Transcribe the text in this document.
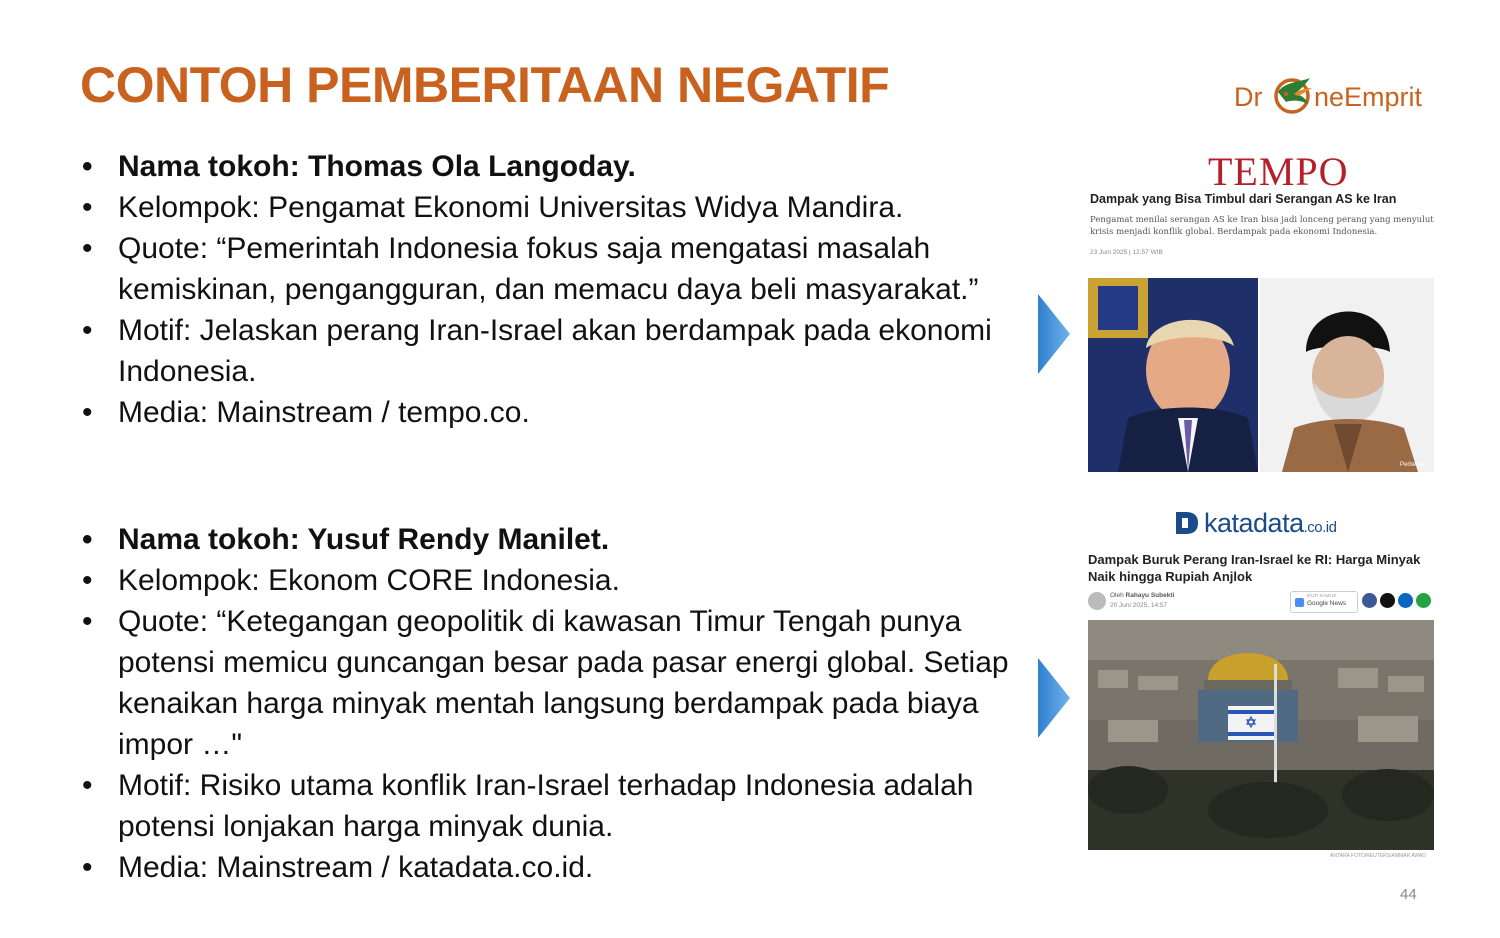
CONTOH PEMBERITAAN NEGATIF	Dr neEmprit
• Nama tokoh: Thomas Ola Langoday.
• Kelompok: Pengamat Ekonomi Universitas Widya Mandira.
• Quote: “Pemerintah Indonesia fokus saja mengatasi masalah kemiskinan, pengangguran, dan memacu daya beli masyarakat.”
• Motif: Jelaskan perang Iran-Israel akan berdampak pada ekonomi Indonesia.
• Media: Mainstream / tempo.co.
• Nama tokoh: Yusuf Rendy Manilet.
• Kelompok: Ekonom CORE Indonesia.
• Quote: “Ketegangan geopolitik di kawasan Timur Tengah punya potensi memicu guncangan besar pada pasar energi global. Setiap kenaikan harga minyak mentah langsung berdampak pada biaya impor …"
• Motif: Risiko utama konflik Iran-Israel terhadap Indonesia adalah potensi lonjakan harga minyak dunia.
• Media: Mainstream / katadata.co.id.
TEMPO
Dampak yang Bisa Timbul dari Serangan AS ke Iran
Pengamat menilai serangan AS ke Iran bisa jadi lonceng perang yang menyulut krisis menjadi konflik global. Berdampak pada ekonomi Indonesia.
23 Juni 2025 | 12.57 WIB
Perbesar
katadata.co.id
Dampak Buruk Perang Iran-Israel ke RI: Harga Minyak Naik hingga Rupiah Anjlok
Oleh Rahayu Subekti
20 Juni 2025, 14:57
IKUTI KAMI DI
Google News
ANTARA FOTO/REUTERS/AMMAR AWAD
44
